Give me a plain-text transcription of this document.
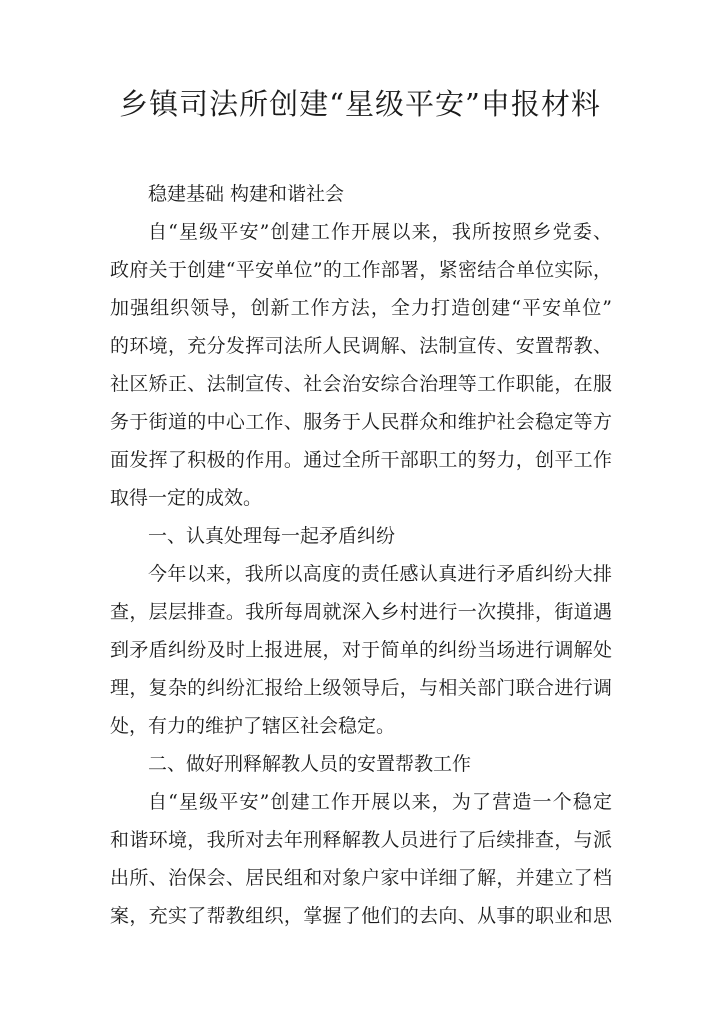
乡镇司法所创建“星级平安”申报材料
稳建基础 构建和谐社会
自“星级平安”创建工作开展以来，我所按照乡党委、
政府关于创建“平安单位”的工作部署，紧密结合单位实际，
加强组织领导，创新工作方法，全力打造创建“平安单位”
的环境，充分发挥司法所人民调解、法制宣传、安置帮教、
社区矫正、法制宣传、社会治安综合治理等工作职能，在服
务于街道的中心工作、服务于人民群众和维护社会稳定等方
面发挥了积极的作用。通过全所干部职工的努力，创平工作
取得一定的成效。
一、认真处理每一起矛盾纠纷
今年以来，我所以高度的责任感认真进行矛盾纠纷大排
查，层层排查。我所每周就深入乡村进行一次摸排，街道遇
到矛盾纠纷及时上报进展，对于简单的纠纷当场进行调解处
理，复杂的纠纷汇报给上级领导后，与相关部门联合进行调
处，有力的维护了辖区社会稳定。
二、做好刑释解教人员的安置帮教工作
自“星级平安”创建工作开展以来，为了营造一个稳定
和谐环境，我所对去年刑释解教人员进行了后续排查，与派
出所、治保会、居民组和对象户家中详细了解，并建立了档
案，充实了帮教组织，掌握了他们的去向、从事的职业和思
